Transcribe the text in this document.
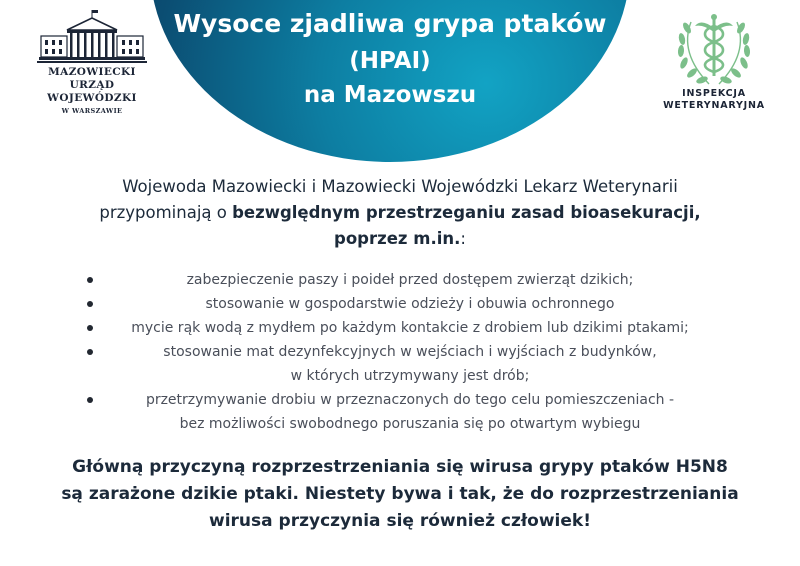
Wysoce zjadliwa grypa ptaków
(HPAI)
na Mazowszu
MAZOWIECKI
URZĄD WOJEWÓDZKI
W WARSZAWIE
INSPEKCJA
WETERYNARYJNA
Wojewoda Mazowiecki i Mazowiecki Wojewódzki Lekarz Weterynarii
przypominają o bezwględnym przestrzeganiu zasad bioasekuracji,
poprzez m.in.:
zabezpieczenie paszy i poideł przed dostępem zwierząt dzikich;
stosowanie w gospodarstwie odzieży i obuwia ochronnego
mycie rąk wodą z mydłem po każdym kontakcie z drobiem lub dzikimi ptakami;
stosowanie mat dezynfekcyjnych w wejściach i wyjściach z budynków,
w których utrzymywany jest drób;
przetrzymywanie drobiu w przeznaczonych do tego celu pomieszczeniach -
bez możliwości swobodnego poruszania się po otwartym wybiegu
Główną przyczyną rozprzestrzeniania się wirusa grypy ptaków H5N8
są zarażone dzikie ptaki. Niestety bywa i tak, że do rozprzestrzeniania
wirusa przyczynia się również człowiek!
